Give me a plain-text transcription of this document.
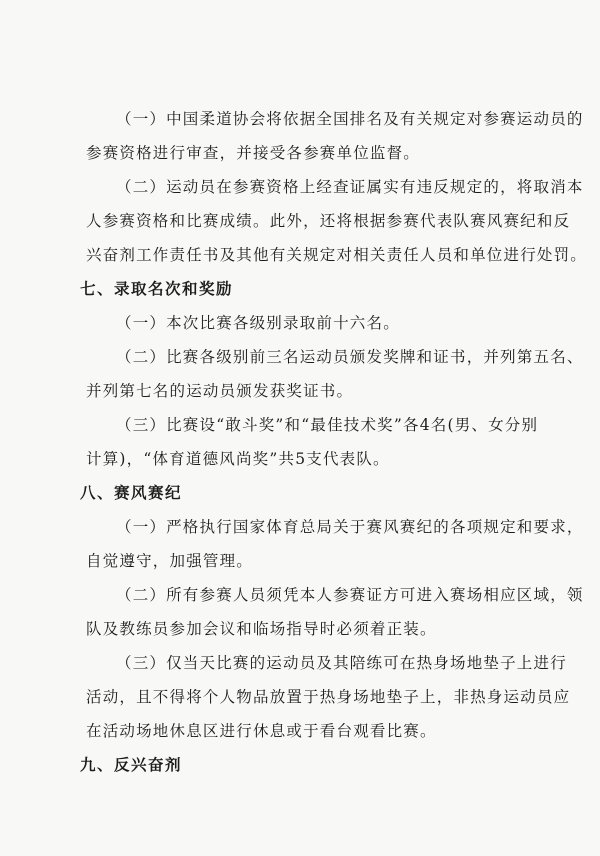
（一）中国柔道协会将依据全国排名及有关规定对参赛运动员的
参赛资格进行审查，并接受各参赛单位监督。
（二）运动员在参赛资格上经查证属实有违反规定的，将取消本
人参赛资格和比赛成绩。此外，还将根据参赛代表队赛风赛纪和反
兴奋剂工作责任书及其他有关规定对相关责任人员和单位进行处罚。
七、录取名次和奖励
（一）本次比赛各级别录取前十六名。
（二）比赛各级别前三名运动员颁发奖牌和证书，并列第五名、
并列第七名的运动员颁发获奖证书。
（三）比赛设“敢斗奖”和“最佳技术奖”各4名(男、女分别
计算)，“体育道德风尚奖”共5支代表队。
八、赛风赛纪
（一）严格执行国家体育总局关于赛风赛纪的各项规定和要求，
自觉遵守，加强管理。
（二）所有参赛人员须凭本人参赛证方可进入赛场相应区域，领
队及教练员参加会议和临场指导时必须着正装。
（三）仅当天比赛的运动员及其陪练可在热身场地垫子上进行
活动，且不得将个人物品放置于热身场地垫子上，非热身运动员应
在活动场地休息区进行休息或于看台观看比赛。
九、反兴奋剂
